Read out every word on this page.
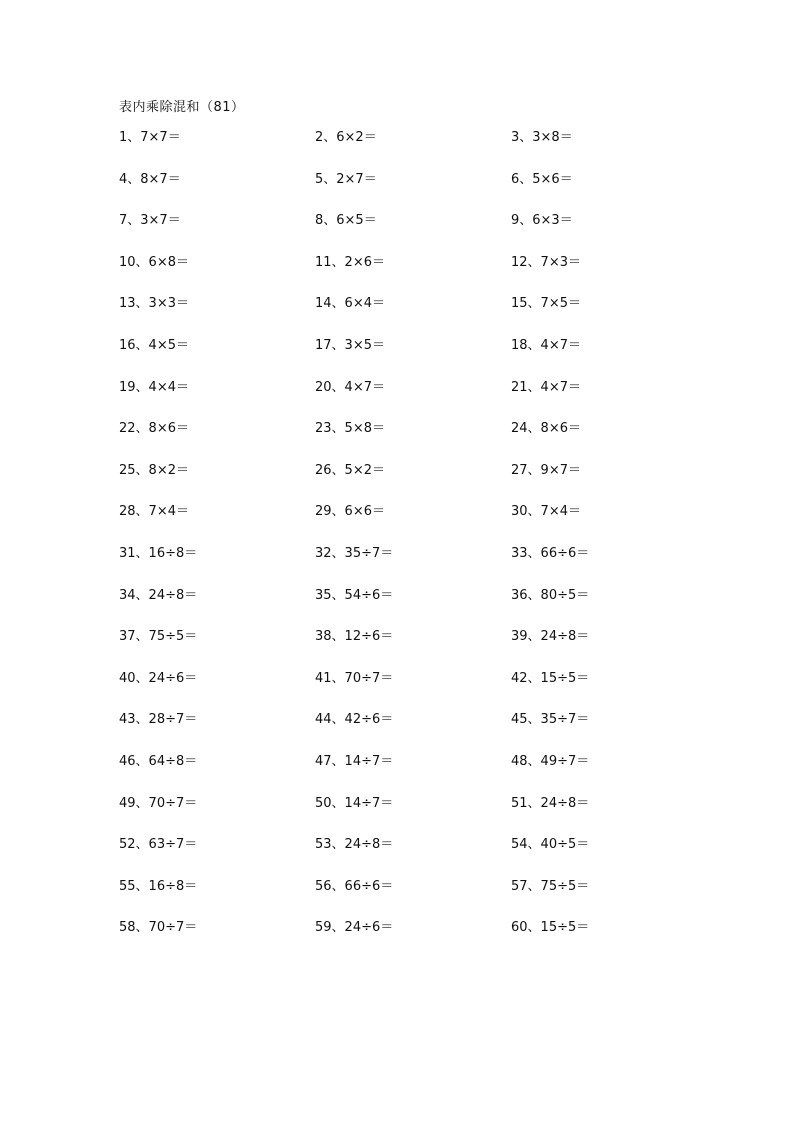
表内乘除混和（81）
1、7×7＝	2、6×2＝	3、3×8＝
4、8×7＝	5、2×7＝	6、5×6＝
7、3×7＝	8、6×5＝	9、6×3＝
10、6×8＝	11、2×6＝	12、7×3＝
13、3×3＝	14、6×4＝	15、7×5＝
16、4×5＝	17、3×5＝	18、4×7＝
19、4×4＝	20、4×7＝	21、4×7＝
22、8×6＝	23、5×8＝	24、8×6＝
25、8×2＝	26、5×2＝	27、9×7＝
28、7×4＝	29、6×6＝	30、7×4＝
31、16÷8＝	32、35÷7＝	33、66÷6＝
34、24÷8＝	35、54÷6＝	36、80÷5＝
37、75÷5＝	38、12÷6＝	39、24÷8＝
40、24÷6＝	41、70÷7＝	42、15÷5＝
43、28÷7＝	44、42÷6＝	45、35÷7＝
46、64÷8＝	47、14÷7＝	48、49÷7＝
49、70÷7＝	50、14÷7＝	51、24÷8＝
52、63÷7＝	53、24÷8＝	54、40÷5＝
55、16÷8＝	56、66÷6＝	57、75÷5＝
58、70÷7＝	59、24÷6＝	60、15÷5＝
